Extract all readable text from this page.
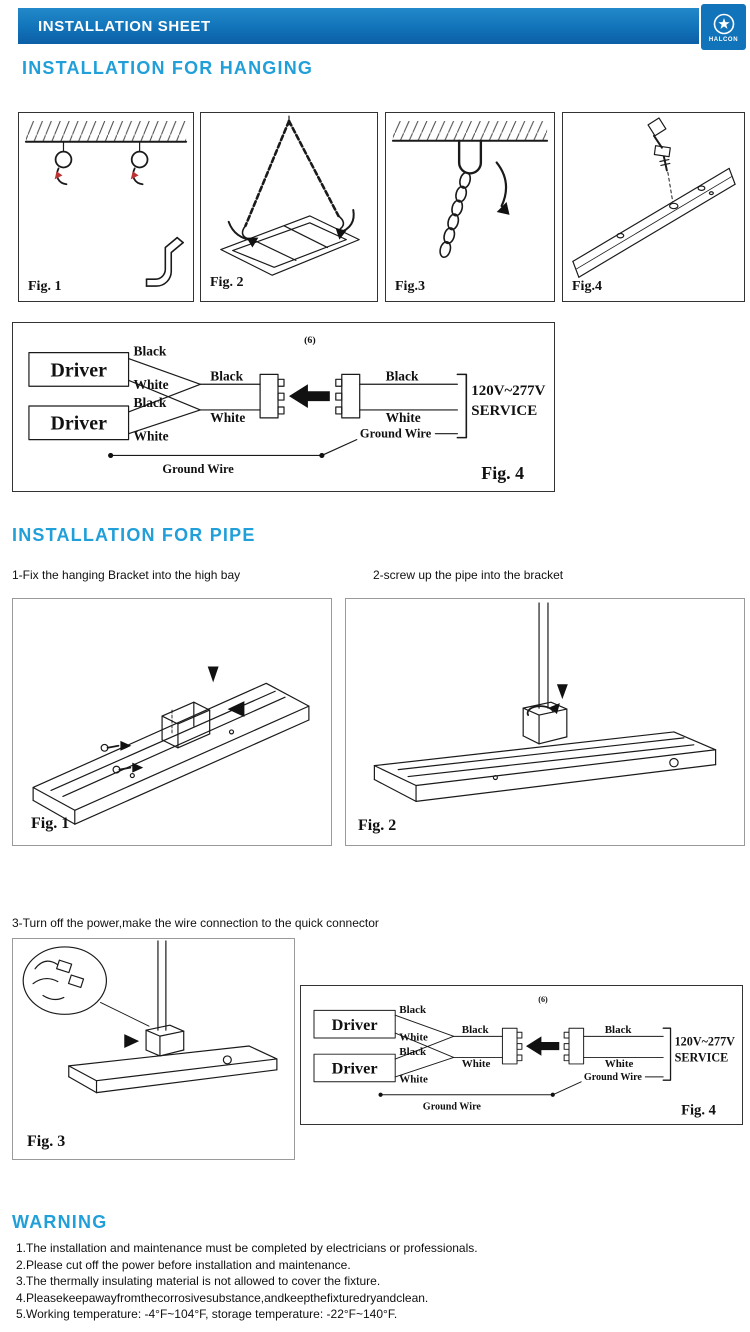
INSTALLATION SHEET
HALCON
INSTALLATION FOR HANGING
Fig. 1	Fig. 2	Fig.3	Fig.4
Driver
Driver
Black
White
Black
White
Black
White
Black
White
Ground Wire
Ground Wire
120V~277V
SERVICE
Fig. 4
(6)
INSTALLATION FOR PIPE
1-Fix the hanging Bracket into the high bay	2-screw up the pipe into the bracket
Fig. 1	Fig. 2
3-Turn off the power,make the wire connection to the quick connector
Fig. 3
Driver
Driver
Black
White
Black
White
Black
White
Black
White
Ground Wire
Ground Wire
120V~277V
SERVICE
Fig. 4
(6)
WARNING
1.The installation and maintenance must be completed by electricians or professionals.
2.Please cut off the power before installation and maintenance.
3.The thermally insulating material is not allowed to cover the fixture.
4.Pleasekeepawayfromthecorrosivesubstance,andkeepthefixturedryandclean.
5.Working temperature: -4°F~104°F, storage temperature: -22°F~140°F.
